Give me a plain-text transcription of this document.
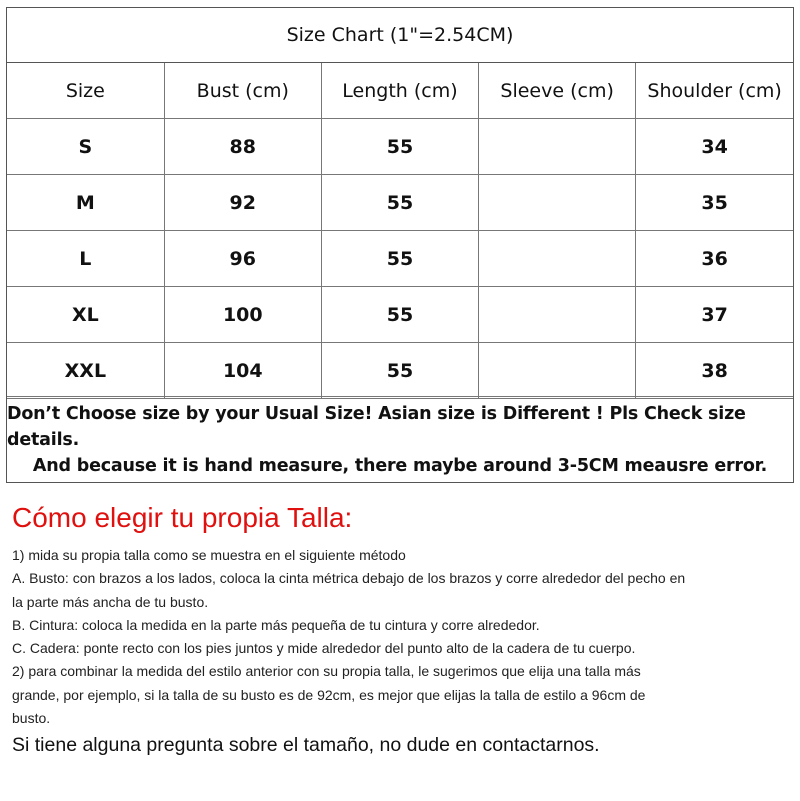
Size Chart (1"=2.54CM)
Size	Bust (cm)	Length (cm)	Sleeve (cm)	Shoulder (cm)
S	88	55		34
M	92	55		35
L	96	55		36
XL	100	55		37
XXL	104	55		38
Don’t Choose size by your Usual Size! Asian size is Different ! Pls Check size details.
And because it is hand measure, there maybe around 3-5CM meausre error.
Cómo elegir tu propia Talla:
1) mida su propia talla como se muestra en el siguiente método
A. Busto: con brazos a los lados, coloca la cinta métrica debajo de los brazos y corre alrededor del pecho en
la parte más ancha de tu busto.
B. Cintura: coloca la medida en la parte más pequeña de tu cintura y corre alrededor.
C. Cadera: ponte recto con los pies juntos y mide alrededor del punto alto de la cadera de tu cuerpo.
2) para combinar la medida del estilo anterior con su propia talla, le sugerimos que elija una talla más
grande, por ejemplo, si la talla de su busto es de 92cm, es mejor que elijas la talla de estilo a 96cm de
busto.
Si tiene alguna pregunta sobre el tamaño, no dude en contactarnos.
